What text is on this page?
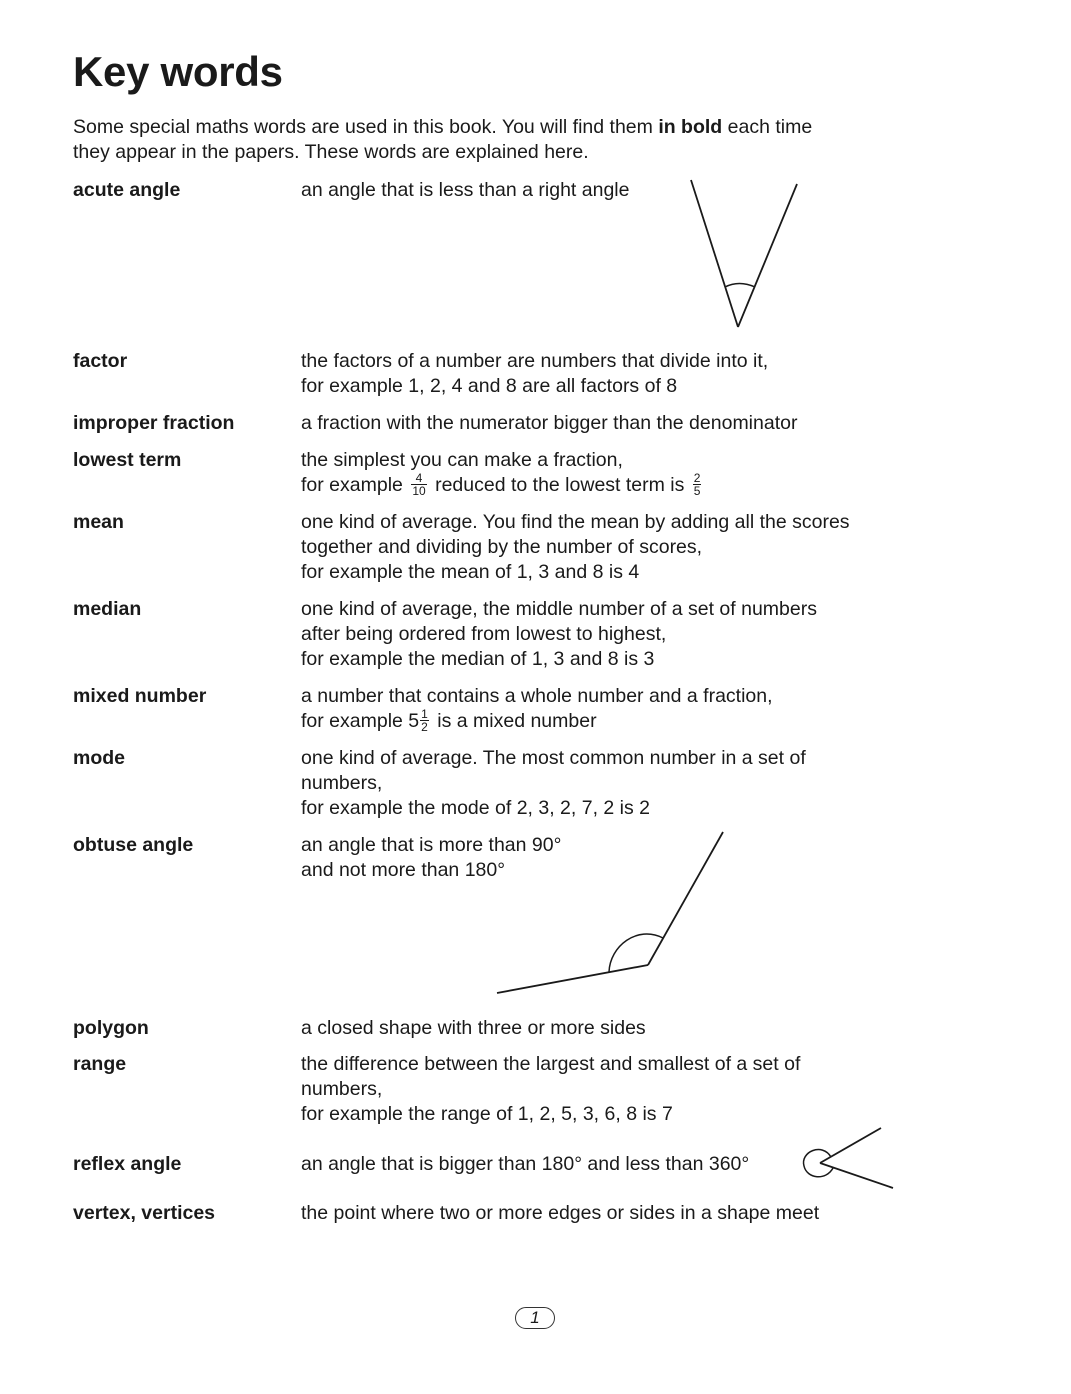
Key words
Some special maths words are used in this book. You will find them in bold each time
they appear in the papers. These words are explained here.
acute angle	an angle that is less than a right angle
factor	the factors of a number are numbers that divide into it,
for example 1, 2, 4 and 8 are all factors of 8
improper fraction	a fraction with the numerator bigger than the denominator
lowest term	the simplest you can make a fraction,
for example $\frac{4}{10}$ reduced to the lowest term is $\frac{2}{5}$
mean	one kind of average. You find the mean by adding all the scores
together and dividing by the number of scores,
for example the mean of 1, 3 and 8 is 4
median	one kind of average, the middle number of a set of numbers
after being ordered from lowest to highest,
for example the median of 1, 3 and 8 is 3
mixed number	a number that contains a whole number and a fraction,
for example $5 \frac{1}{2}$ is a mixed number
mode	one kind of average. The most common number in a set of
numbers,
for example the mode of 2, 3, 2, 7, 2 is 2
obtuse angle	an angle that is more than 90°
and not more than 180°
polygon	a closed shape with three or more sides
range	the difference between the largest and smallest of a set of
numbers,
for example the range of 1, 2, 5, 3, 6, 8 is 7
reflex angle	an angle that is bigger than 180° and less than 360°
vertex, vertices	the point where two or more edges or sides in a shape meet
1
